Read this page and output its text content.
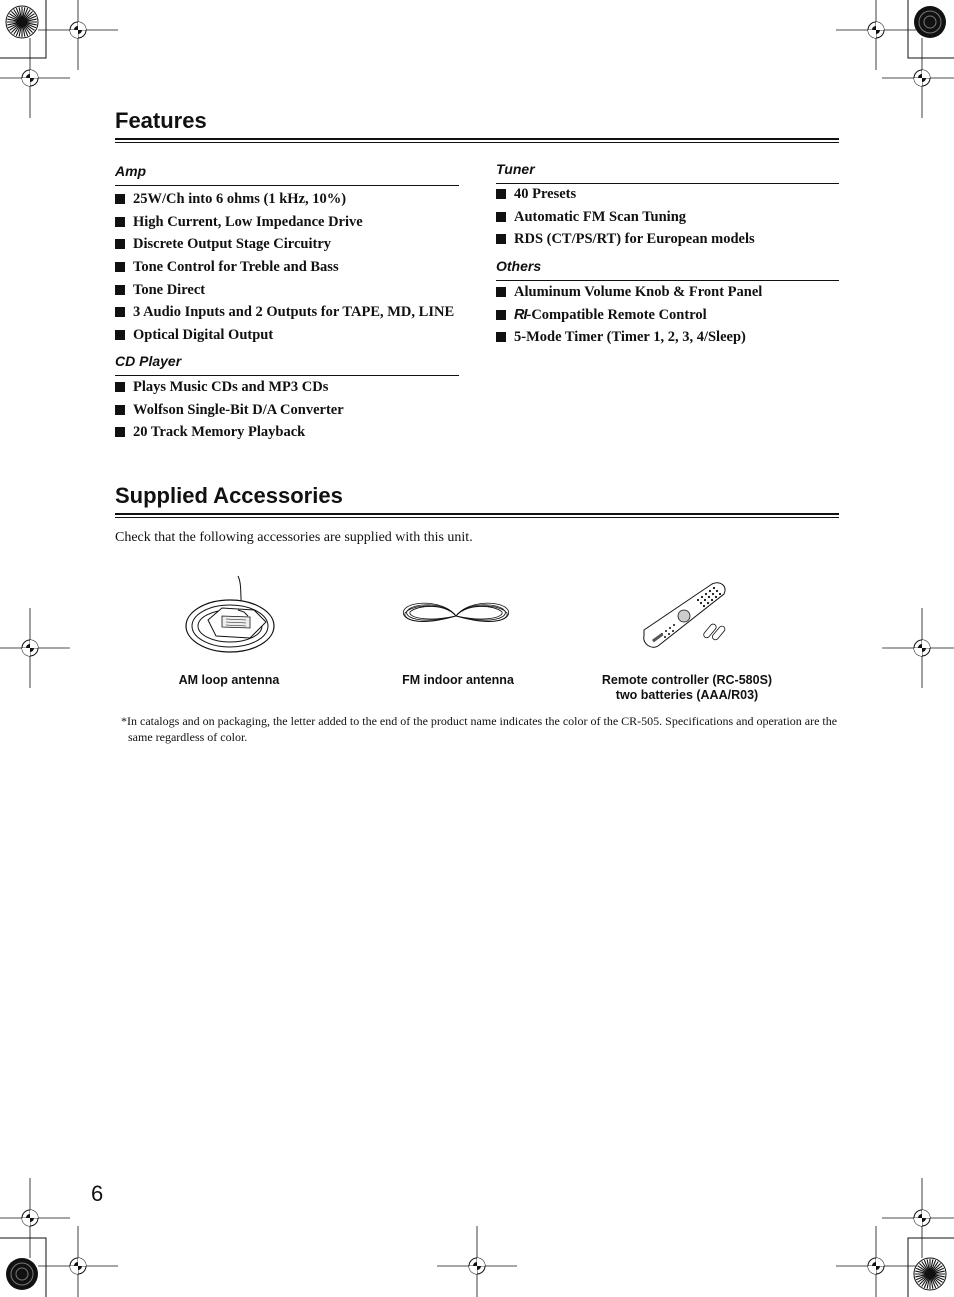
Features
Amp
25W/Ch into 6 ohms (1 kHz, 10%)
High Current, Low Impedance Drive
Discrete Output Stage Circuitry
Tone Control for Treble and Bass
Tone Direct
3 Audio Inputs and 2 Outputs for TAPE, MD, LINE
Optical Digital Output
CD Player
Plays Music CDs and MP3 CDs
Wolfson Single-Bit D/A Converter
20 Track Memory Playback
Tuner
40 Presets
Automatic FM Scan Tuning
RDS (CT/PS/RT) for European models
Others
Aluminum Volume Knob & Front Panel
RI-Compatible Remote Control
5-Mode Timer (Timer 1, 2, 3, 4/Sleep)
Supplied Accessories
Check that the following accessories are supplied with this unit.
AM loop antenna	FM indoor antenna	Remote controller (RC-580S)
two batteries (AAA/R03)
*In catalogs and on packaging, the letter added to the end of the product name indicates the color of the CR-505. Specifications and operation are the same regardless of color.
6
